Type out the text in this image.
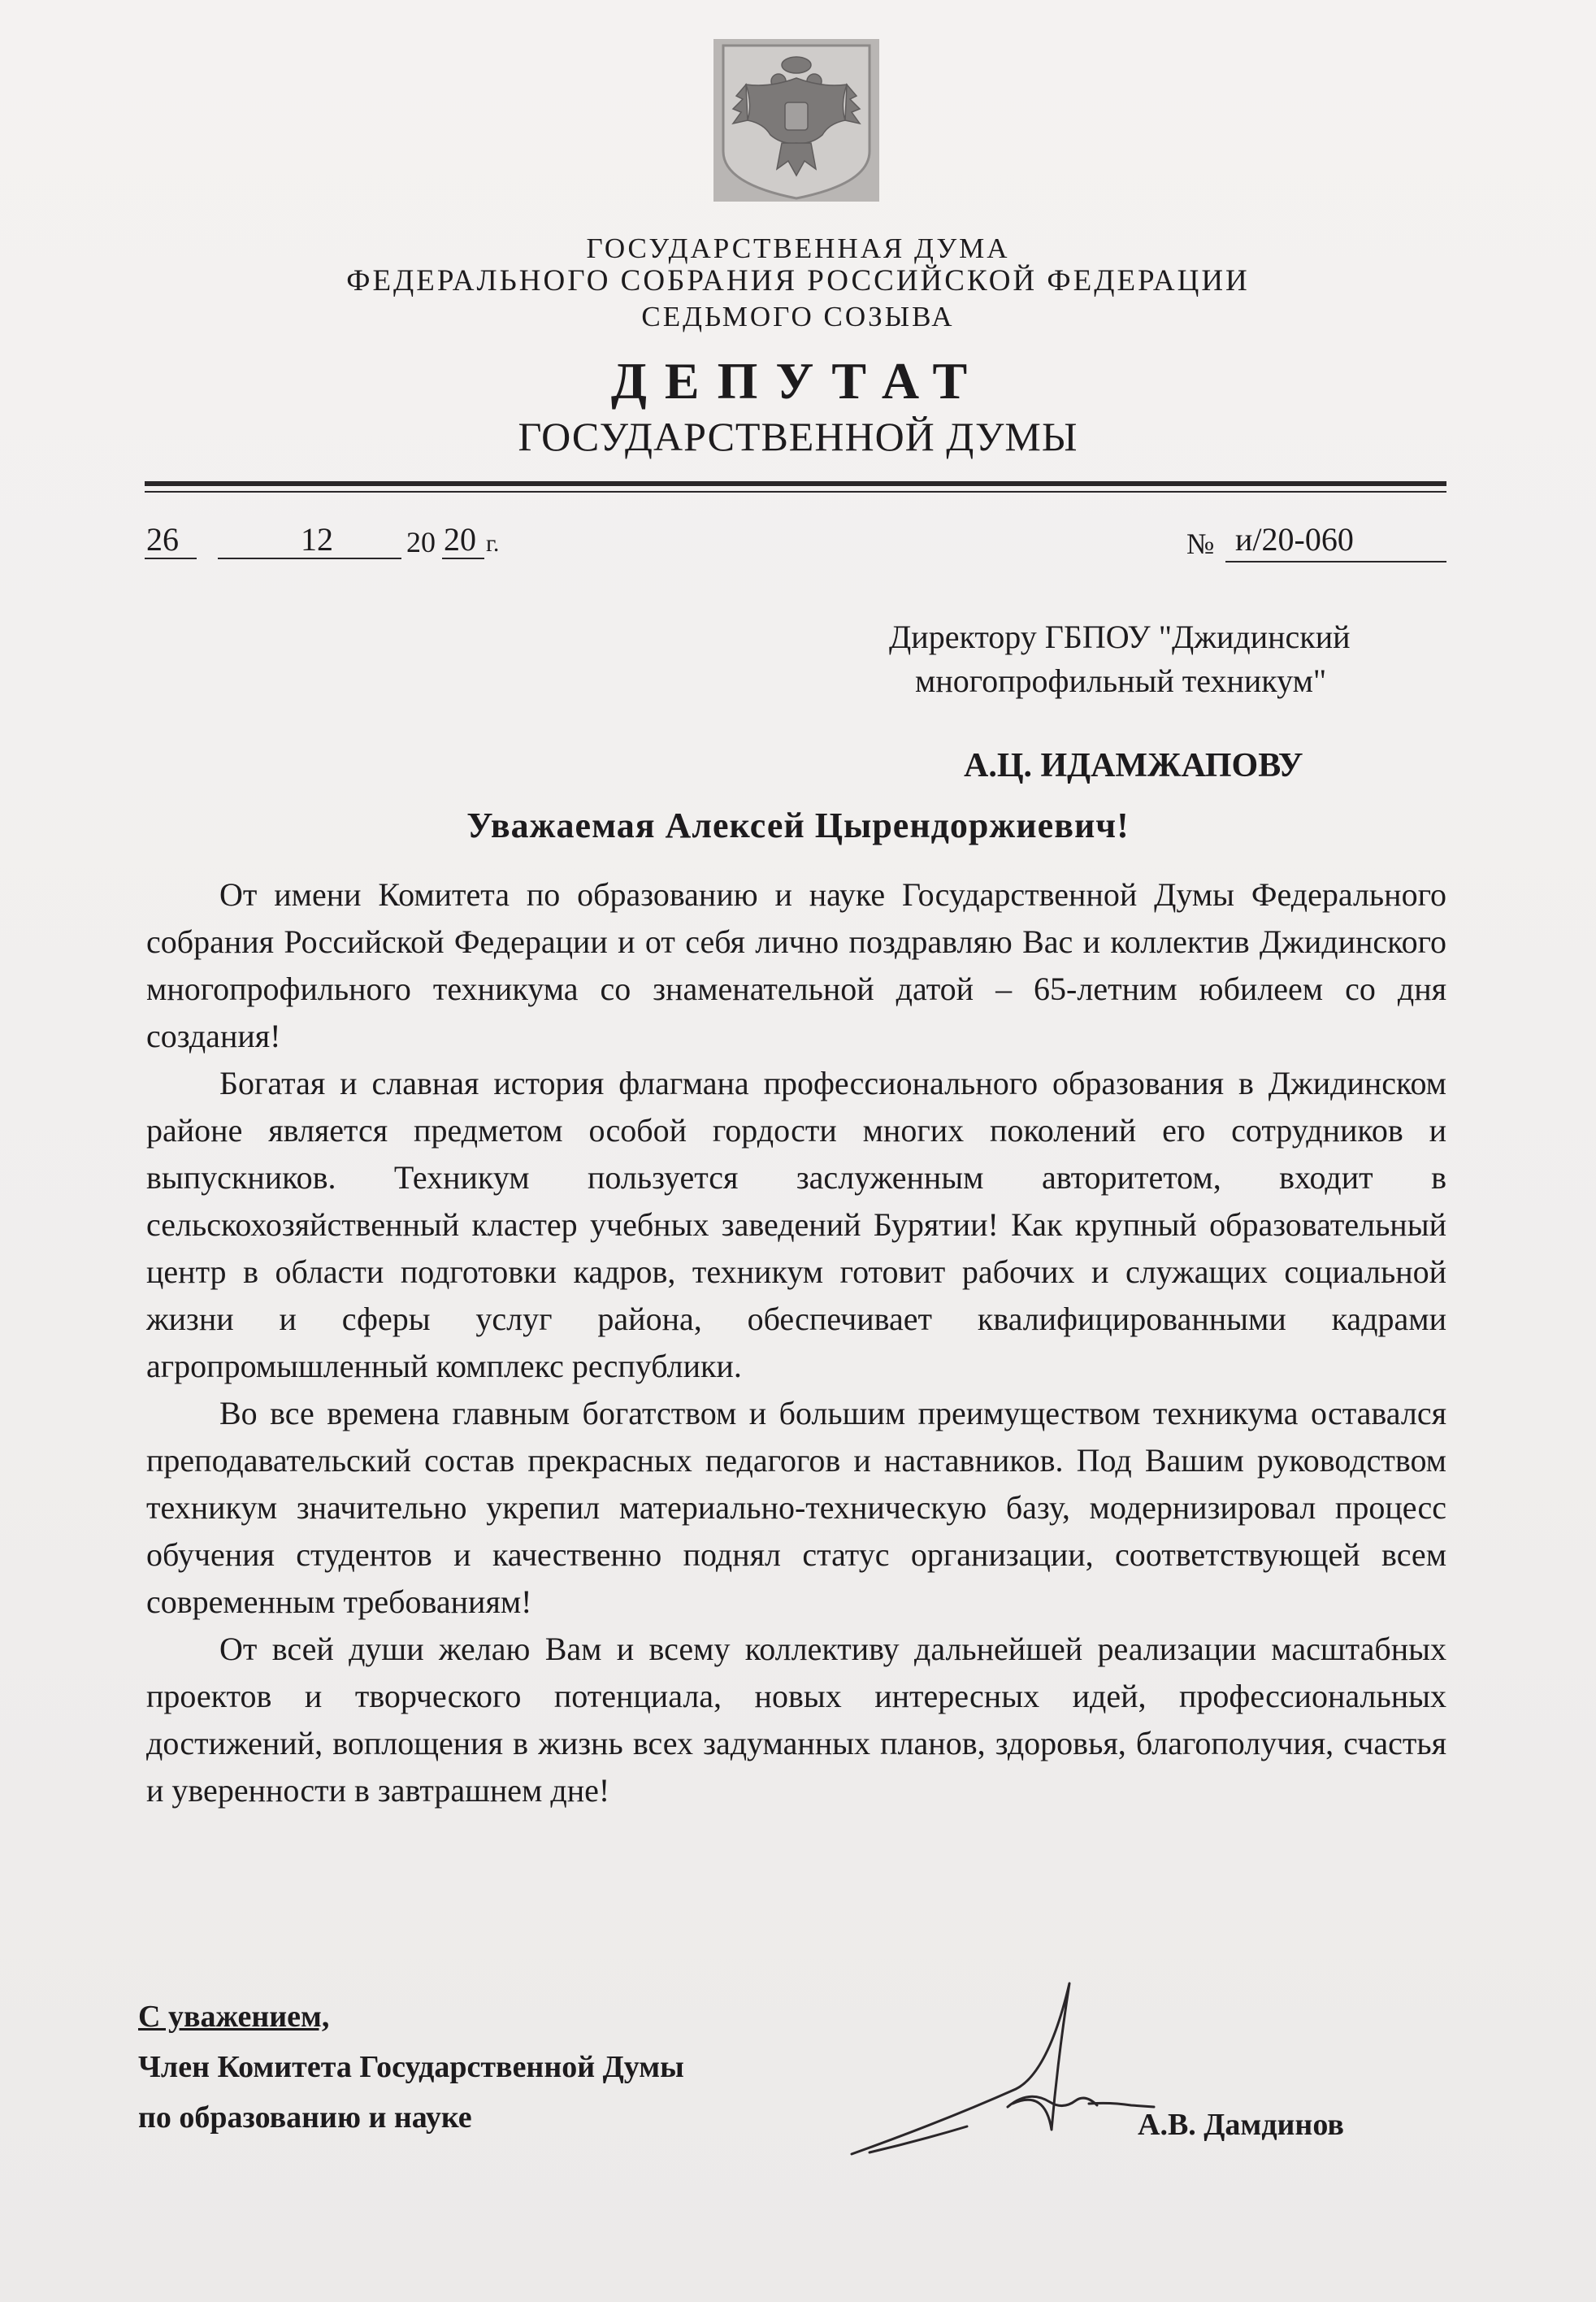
ГОСУДАРСТВЕННАЯ ДУМА
ФЕДЕРАЛЬНОГО СОБРАНИЯ РОССИЙСКОЙ ФЕДЕРАЦИИ
СЕДЬМОГО СОЗЫВА
ДЕПУТАТ
ГОСУДАРСТВЕННОЙ ДУМЫ
26	12	20 20 г.	№ и/20-060
Директору ГБПОУ "Джидинский
многопрофильный техникум"
А.Ц. ИДАМЖАПОВУ
Уважаемая Алексей Цырендоржиевич!

От имени Комитета по образованию и науке Государственной Думы Федерального собрания Российской Федерации и от себя лично поздравляю Вас и коллектив Джидинского многопрофильного техникума со знаменательной датой – 65-летним юбилеем со дня создания!

Богатая и славная история флагмана профессионального образования в Джидинском районе является предметом особой гордости многих поколений его сотрудников и выпускников. Техникум пользуется заслуженным авторитетом, входит в сельскохозяйственный кластер учебных заведений Бурятии! Как крупный образовательный центр в области подготовки кадров, техникум готовит рабочих и служащих социальной жизни и сферы услуг района, обеспечивает квалифицированными кадрами агропромышленный комплекс республики.

Во все времена главным богатством и большим преимуществом техникума оставался преподавательский состав прекрасных педагогов и наставников. Под Вашим руководством техникум значительно укрепил материально-техническую базу, модернизировал процесс обучения студентов и качественно поднял статус организации, соответствующей всем современным требованиям!

От всей души желаю Вам и всему коллективу дальнейшей реализации масштабных проектов и творческого потенциала, новых интересных идей, профессиональных достижений, воплощения в жизнь всех задуманных планов, здоровья, благополучия, счастья и уверенности в завтрашнем дне!

С уважением,
Член Комитета Государственной Думы
по образованию и науке	А.В. Дамдинов
